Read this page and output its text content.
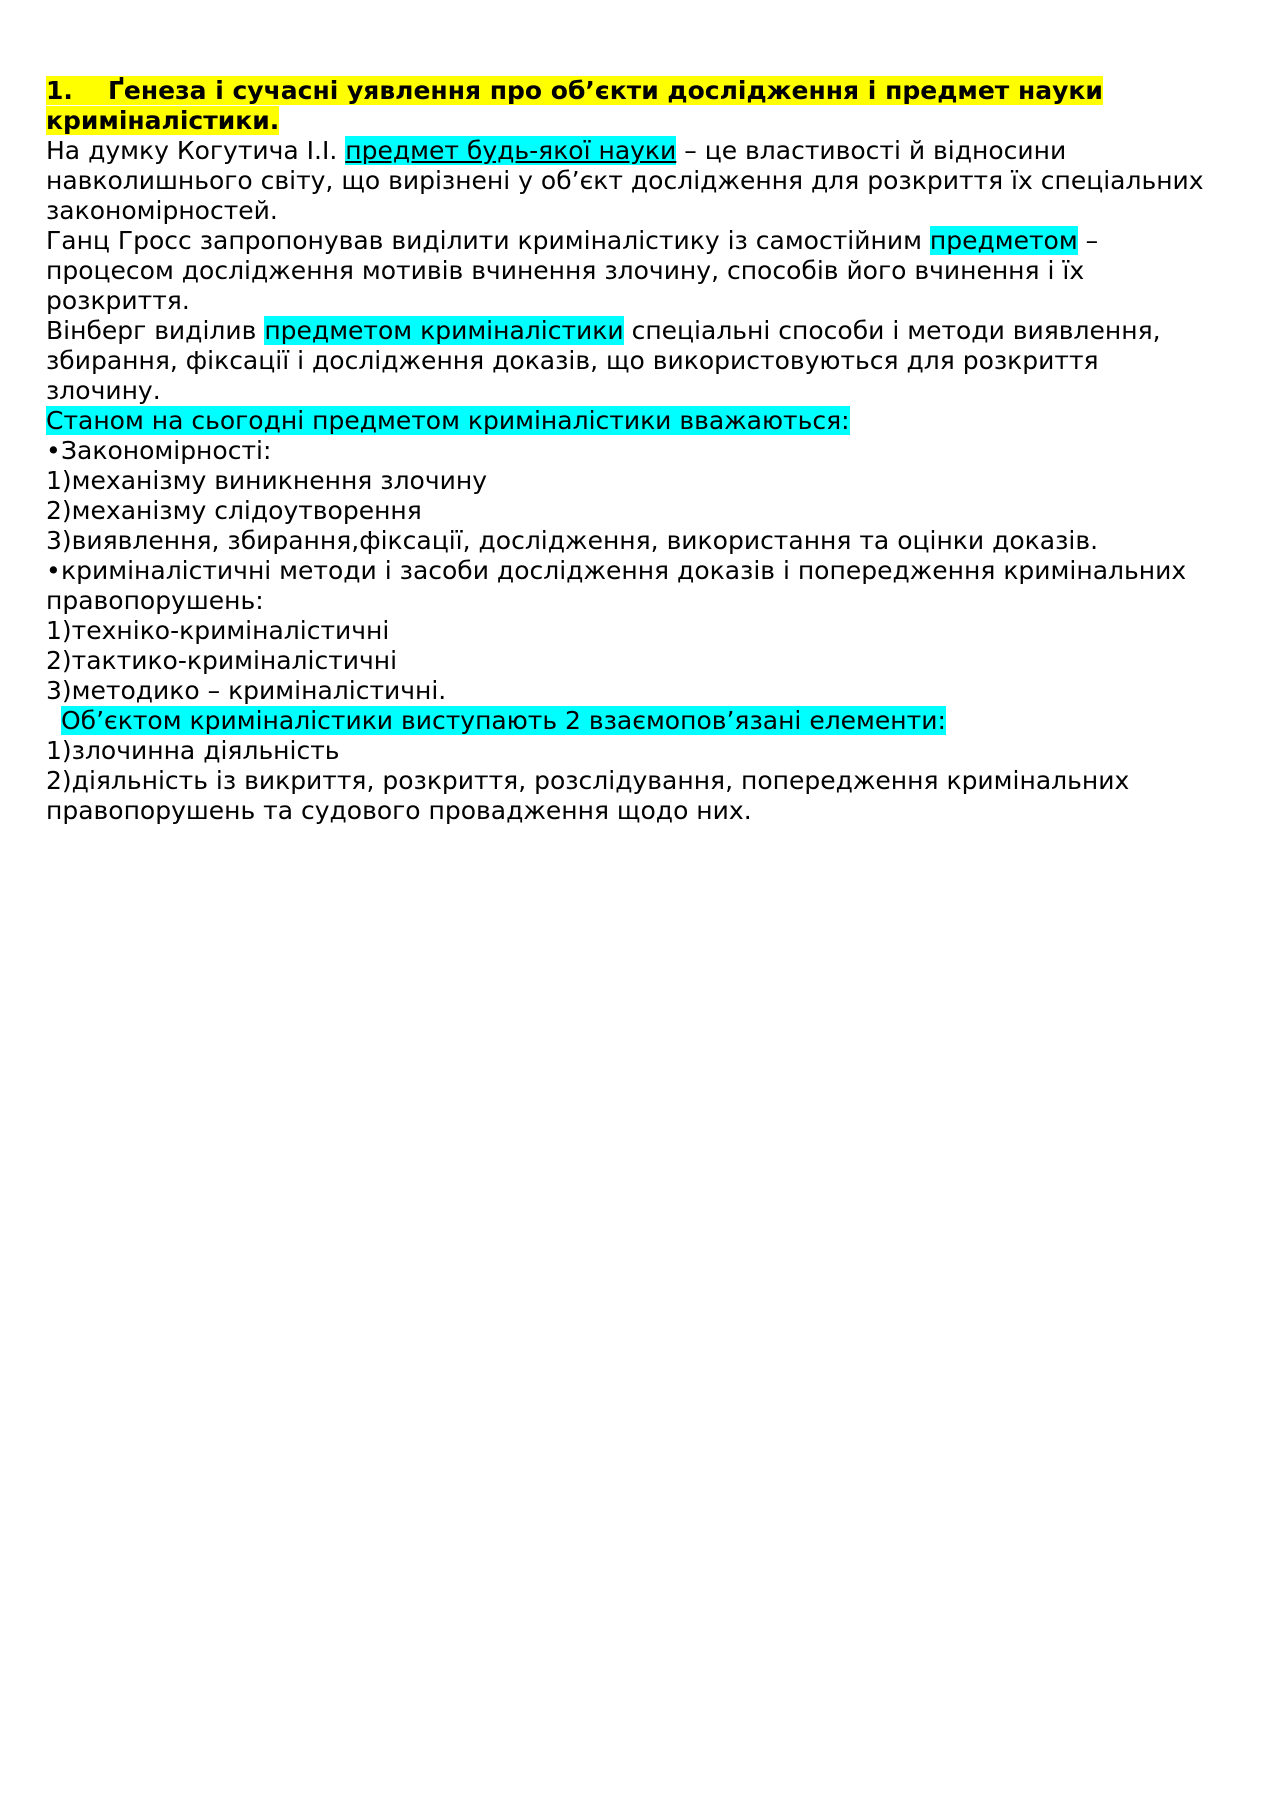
1. Ґенеза і сучасні уявлення про об’єкти дослідження і предмет науки
криміналістики.
На думку Когутича І.І. предмет будь-якої науки – це властивості й відносини
навколишнього світу, що вирізнені у об’єкт дослідження для розкриття їх спеціальних
закономірностей.
Ганц Гросс запропонував виділити криміналістику із самостійним предметом –
процесом дослідження мотивів вчинення злочину, способів його вчинення і їх
розкриття.
Вінберг виділив предметом криміналістики спеціальні способи і методи виявлення,
збирання, фіксації і дослідження доказів, що використовуються для розкриття
злочину.
Станом на сьогодні предметом криміналістики вважаються:
•Закономірності:
1)механізму виникнення злочину
2)механізму слідоутворення
3)виявлення, збирання,фіксації, дослідження, використання та оцінки доказів.
•криміналістичні методи і засоби дослідження доказів і попередження кримінальних
правопорушень:
1)техніко-криміналістичні
2)тактико-криміналістичні
3)методико – криміналістичні.
Об’єктом криміналістики виступають 2 взаємопов’язані елементи:
1)злочинна діяльність
2)діяльність із викриття, розкриття, розслідування, попередження кримінальних
правопорушень та судового провадження щодо них.
